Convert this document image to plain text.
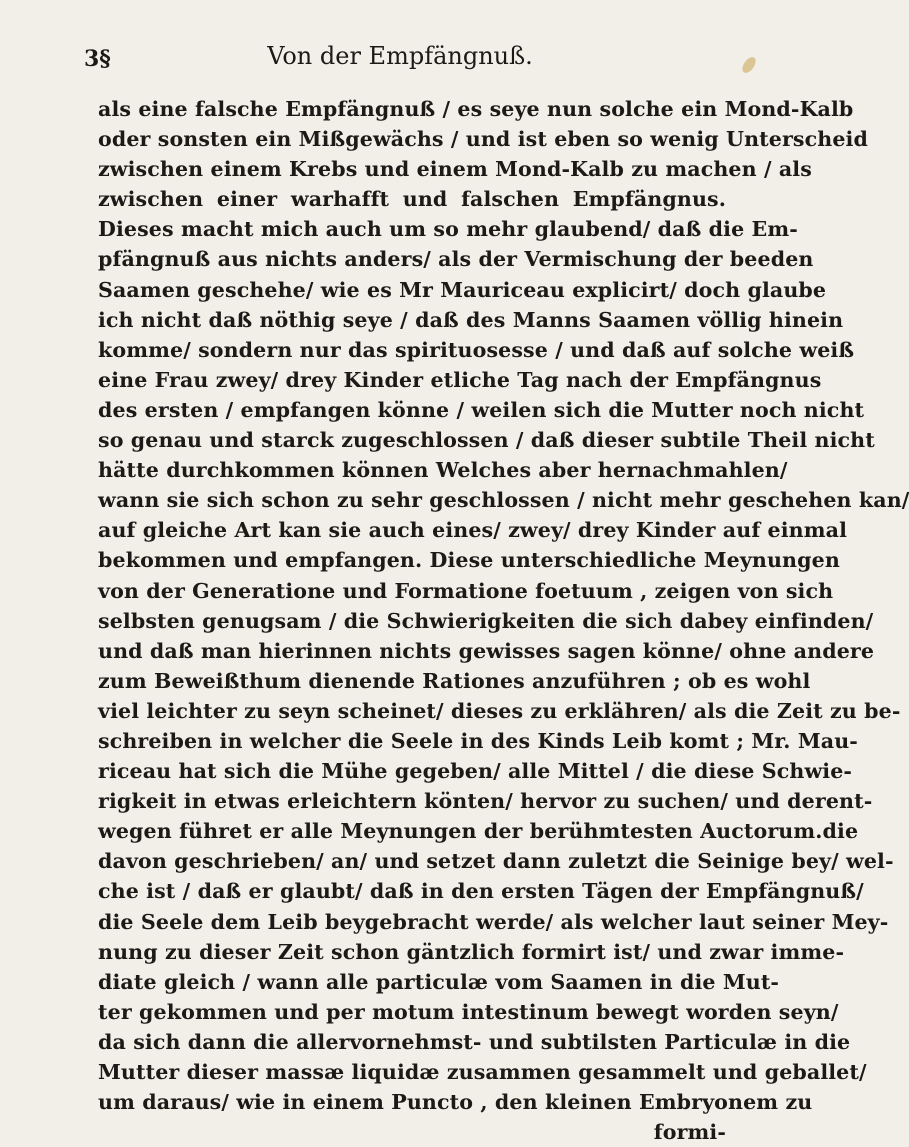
3§	Von der Empfängnuß.
als eine falsche Empfängnuß / es seye nun solche ein Mond-Kalb
oder sonsten ein Mißgewächs / und ist eben so wenig Unterscheid
zwischen einem Krebs und einem Mond-Kalb zu machen / als
zwischen einer warhafft und falschen Empfängnus.
Dieses macht mich auch um so mehr glaubend/ daß die Em-
pfängnuß aus nichts anders/ als der Vermischung der beeden
Saamen geschehe/ wie es Mr Mauriceau explicirt/ doch glaube
ich nicht daß nöthig seye / daß des Manns Saamen völlig hinein
komme/ sondern nur das spirituosesse / und daß auf solche weiß
eine Frau zwey/ drey Kinder etliche Tag nach der Empfängnus
des ersten / empfangen könne / weilen sich die Mutter noch nicht
so genau und starck zugeschlossen / daß dieser subtile Theil nicht
hätte durchkommen können Welches aber hernachmahlen/
wann sie sich schon zu sehr geschlossen / nicht mehr geschehen kan/
auf gleiche Art kan sie auch eines/ zwey/ drey Kinder auf einmal
bekommen und empfangen. Diese unterschiedliche Meynungen
von der Generatione und Formatione foetuum , zeigen von sich
selbsten genugsam / die Schwierigkeiten die sich dabey einfinden/
und daß man hierinnen nichts gewisses sagen könne/ ohne andere
zum Beweißthum dienende Rationes anzuführen ; ob es wohl
viel leichter zu seyn scheinet/ dieses zu erklähren/ als die Zeit zu be-
schreiben in welcher die Seele in des Kinds Leib komt ; Mr. Mau-
riceau hat sich die Mühe gegeben/ alle Mittel / die diese Schwie-
rigkeit in etwas erleichtern könten/ hervor zu suchen/ und derent-
wegen führet er alle Meynungen der berühmtesten Auctorum.die
davon geschrieben/ an/ und setzet dann zuletzt die Seinige bey/ wel-
che ist / daß er glaubt/ daß in den ersten Tägen der Empfängnuß/
die Seele dem Leib beygebracht werde/ als welcher laut seiner Mey-
nung zu dieser Zeit schon gäntzlich formirt ist/ und zwar imme-
diate gleich / wann alle particulæ vom Saamen in die Mut-
ter gekommen und per motum intestinum bewegt worden seyn/
da sich dann die allervornehmst- und subtilsten Particulæ in die
Mutter dieser massæ liquidæ zusammen gesammelt und geballet/
um daraus/ wie in einem Puncto , den kleinen Embryonem zu
formi-
